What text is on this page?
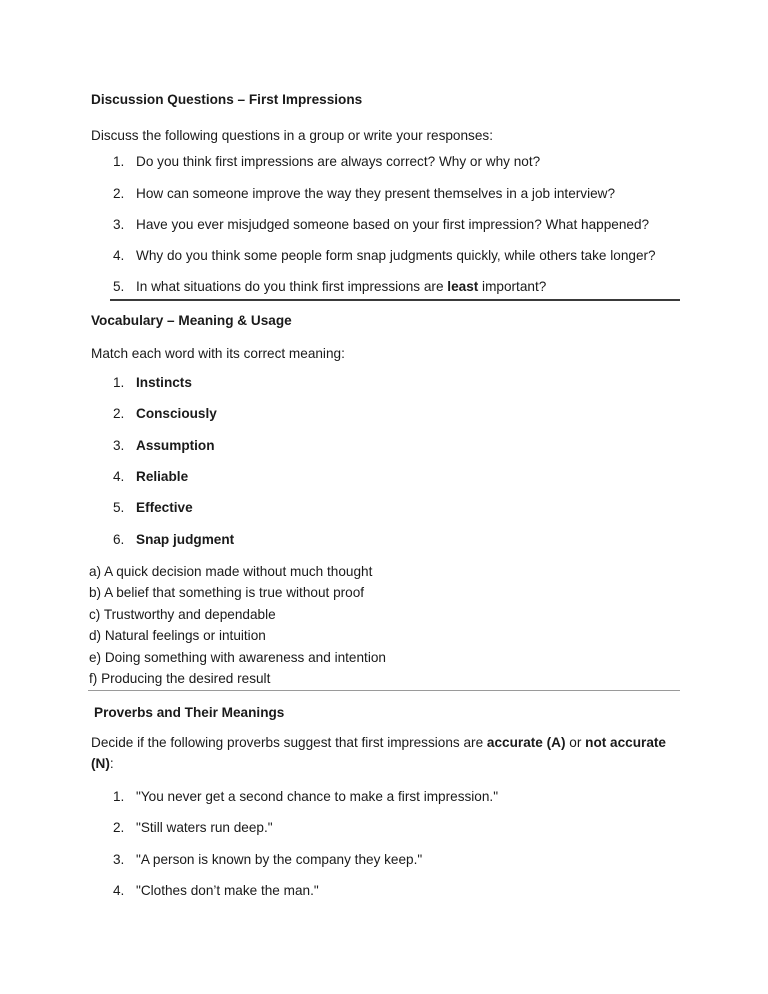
Discussion Questions – First Impressions
Discuss the following questions in a group or write your responses:
1. Do you think first impressions are always correct? Why or why not?
2. How can someone improve the way they present themselves in a job interview?
3. Have you ever misjudged someone based on your first impression? What happened?
4. Why do you think some people form snap judgments quickly, while others take longer?
5. In what situations do you think first impressions are least important?
Vocabulary – Meaning & Usage
Match each word with its correct meaning:
1. Instincts
2. Consciously
3. Assumption
4. Reliable
5. Effective
6. Snap judgment
a) A quick decision made without much thought
b) A belief that something is true without proof
c) Trustworthy and dependable
d) Natural feelings or intuition
e) Doing something with awareness and intention
f) Producing the desired result
Proverbs and Their Meanings
Decide if the following proverbs suggest that first impressions are accurate (A) or not accurate
(N):
1. "You never get a second chance to make a first impression."
2. "Still waters run deep."
3. "A person is known by the company they keep."
4. "Clothes don’t make the man."
